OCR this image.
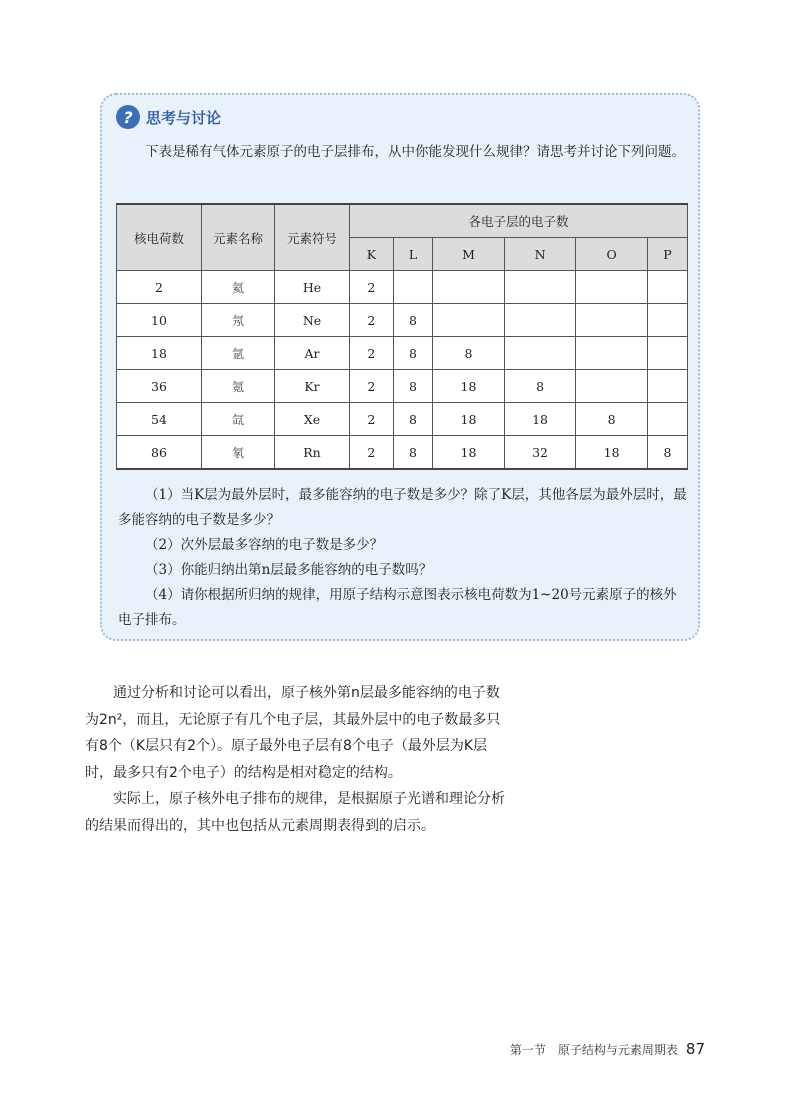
? 思考与讨论
下表是稀有气体元素原子的电子层排布，从中你能发现什么规律？请思考并讨论下列问题。
核电荷数	元素名称	元素符号	各电子层的电子数					
			K	L	M	N	O	P
2	氦	He	2					
10	氖	Ne	2	8				
18	氩	Ar	2	8	8			
36	氪	Kr	2	8	18	8		
54	氙	Xe	2	8	18	18	8	
86	氡	Rn	2	8	18	32	18	8

（1）当K层为最外层时，最多能容纳的电子数是多少？除了K层，其他各层为最外层时，最多能容纳的电子数是多少？

（2）次外层最多容纳的电子数是多少？

（3）你能归纳出第n层最多能容纳的电子数吗？

（4）请你根据所归纳的规律，用原子结构示意图表示核电荷数为1~20号元素原子的核外电子排布。

通过分析和讨论可以看出，原子核外第n层最多能容纳的电子数为2n²，而且，无论原子有几个电子层，其最外层中的电子数最多只有8个（K层只有2个）。原子最外电子层有8个电子（最外层为K层时，最多只有2个电子）的结构是相对稳定的结构。

实际上，原子核外电子排布的规律，是根据原子光谱和理论分析的结果而得出的，其中也包括从元素周期表得到的启示。

第一节　原子结构与元素周期表 87
